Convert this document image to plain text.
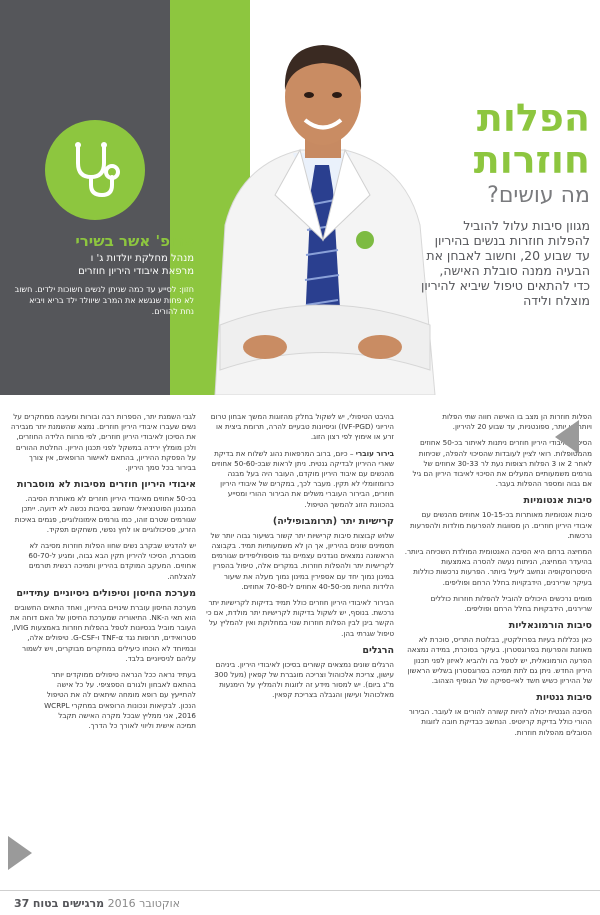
פרופ' אשר בשירי
מנהל מחלקת יולדות ג' ו
מרפאת איבודי היריון חוזרים
חזון: לסייע עד כמה שניתן לנשים חשוכות ילדים. חשוב לא פחות שנגשא את המרב שיוולד ילד בריא ויביא נחת להורים.
הפלות
חוזרות
מה עושים?
מגוון סיבות עלול להוביל להפלות חוזרות בנשים בהיריון עד שבוע 20, וחשוב לאבחן את הבעיה ממנה סובלת האישה, כדי להתאים טיפול שיביא להיריון מוצלח ולידה

הפלות חוזרות הן מצב בו האישה חווה שתי הפלות ויותר או יותר, ספונטניות, עד שבוע 20 להיריון.

הסיכוי לאיבודי היריון חוזרים ניתנות לאיתור בכ-50 אחוזים מהמטופלות. רואי לציין לעובדות שהסיכוי להפלה, שכיחות לאחר 2 או 3 הפלות רצופות נעת לר 30-33 אחוזים של גורמים משמעותיים המעלים את הסיכוי לאיבוד היריון הם גיל אם גבוה ומספר ההפלות בעבר.

סיבות אנטומיות

סיבות אנטומיות מאותרות בכ-10-15 אחוזים מהנשים עם איבודי היריון חוזרים. הן מסווגות להפרעות מולדות ולהפרעות נרכשות.

המחיצה ברחם היא הסיבה האנטומית המולדת השכיחה ביותר. בהיעדר המחיצה, הניתוח נעשה להסרה באמצעות היסטרוסקופיה ונחשב ליעיל ביותר. הפרעות נרכשות כוללות בעיקר שרירנים, הידבקויות בחלל הרחם ופוליפים.

מומים נרכשים היכולים להוביל להפלות חוזרות כוללים שרירנים, הידבקויות בחלל הרחם ופוליפים.

סיבות הורמונאליות

כאן נכללות בעיות בפרולקטין, בבלוטת התריס, סוכרת לא מאוזנת והפרעות בפרוגסטרון. בעיקר בסוכרת, במידה נמצאה הפרעה הורמונאלית, יש לטפל בה ולהביא לאיזון לפני תכנון היריון החדש. ניתן גם לתת תמיכה בפרוגסטרון בשליש הראשון של ההיריון כשיש חשד לאי-ספיקה של הגופיף הצהוב.

סיבות גנטיות

הסיבה הגנטית יכולה להיות קשורה להורים או לעובר. הבירור ההורי כולל בדיקת קריוטיפ. הנחשב כבדיקת חובה לזוגות הסובלים מהפלות חוזרות.

בהיבט הטיפולי, יש לשקול בחלק מהזוגות המשך אבחון טרום היריוני (IVF-PGD) וניסיונות טבעיים להרה, תרומת ביצית או זרע או אימוץ לפי רצון הזוג.

בירור עוברי – כיום, ברוב המרפאות נהוג לשלוח את בדיקת שארי ההיריון לבדיקה גנטית. ניתן לראות שבכ-50-60 אחוזים מהנשים עם איבוד היריון מוקדם, העובר היה בעל מבנה כרומוזומלי לא תקין. מעבר לכך, במקרים של איבודי היריון חוזרים, הבירור העוברי משלים את הבירור ההורי ומסייע בהכוונת הזוג להמשך הטיפול.

קרישיות יתר (תרומבופיליה)

שלוש קבוצות סיבות קרישיות יתר קשור בשיעור גבוה יותר של תסמינים שונים בהיריון, אך הן לא משמעותיות תמיד. בקבוצה הראשונה נמצאים נוגדנים עצמיים נגד פוספוליפידים שגורמים לקרישיות יתר ולהפלות חוזרות. במקרים אלה, טיפול בהפרין במינון נמוך יחד עם אספירין במינון נמוך מעלה את שיעור הלידות החיות מכ-40-50 אחוזים ל-70-80 אחוזים.

הבירור לאיבודי היריון חוזרים כולל תמיד בדיקות לקרישיות יתר נרכשת. בנוסף, יש לשקול בדיקות לקרישיות יתר מולדת, אם כי הקשר בינן לבין הפלות חוזרות שנוי במחלוקת ואין להמליץ על טיפול שגרתי בהן.

הרגלים

הרגלים שונים נמצאים קשורים בסיכון לאיבודי היריון. ביניהם עישון, צריכת אלכוהול וצריכה מוגברת של קפאין (מעל 300 מ"ג ביום). יש למסור מידע זה לזוגות ולהמליץ על הימנעות מאלכוהול ועישון והגבלה בצריכת קפאין.

לגבי השמנת יתר, הספרות רבה ובורות ומעיבה ממחקרים על נשים שעברו איבודי היריון חוזרים. נמצא שהשמנת יתר מגבירה את הסיכון לאיבודי היריון חוזרים, לפי מרווח הלידה החוזרים, ולכן מומלץ ירידה במשקל לפני תכנון היריון. החלטת ההורים על הפסקת ההיריון, בהתאם לאישור הרופאים, אין צורך בבירור בכל סמך היריון.

איבודי היריון חוזרים מסיבות לא מוסברות

בכ-50 אחוזים מאיבודי היריון חוזרים לא מאותרת הסיבה. המנגנון הפוטנציאלי שנחשב בסיבות נכשה לא ידועה. ייתכן שגורמים שטרם זוהו, כמו גורמים אימונולוגיים, פגמים באיכות הזרע, פסיכולוגיים או לחץ נפשי, משחקים תפקיד.

יש להדגיש שבקרב נשים שחוו הפלות חוזרות מסיבה לא מוסברת, הסיכוי להיריון תקין הבא גבוה, ומגיע ל-60-70 אחוזים. המעקב המוקדם בהיריון ותמיכה רגשית תורמים להצלחה.

מערכת החיסון וטיפולים ניסיוניים עתידיים

מערכת החיסון עוברת שינויים בהיריון, ואחד התאים החשובים הוא תאי ה-NK. התיאוריה שמערכת החיסון של האם דוחה את העובר מוביל בנסיונות לטפל בהפלות חוזרות באמצעות IVIG, סטרואידים, תרופות נגד TNF-α ו-G-CSF. טיפולים אלה, ובמיוחד לא הוכחו כיעילים במחקרים מבוקרים, ויש לשמור עליהם לניסיוניים בלבד.

בעתיד נראה ככל הנראה טיפולים ממוקדים יותר בהתאם לאבחון ולגורם הספציפי. על כל אישה להתייעץ עם רופא מומחה שיתאים לה את הטיפול הנכון. לבקיאות ונכונות הרופאים במחקרי WCRPL 2016, אני ממליץ שבכל מקרה האישה תקבל תמיכה אישית וליווי לאורך כל הדרך.

אוקטובר 2016 מרגישים בטוח 37
